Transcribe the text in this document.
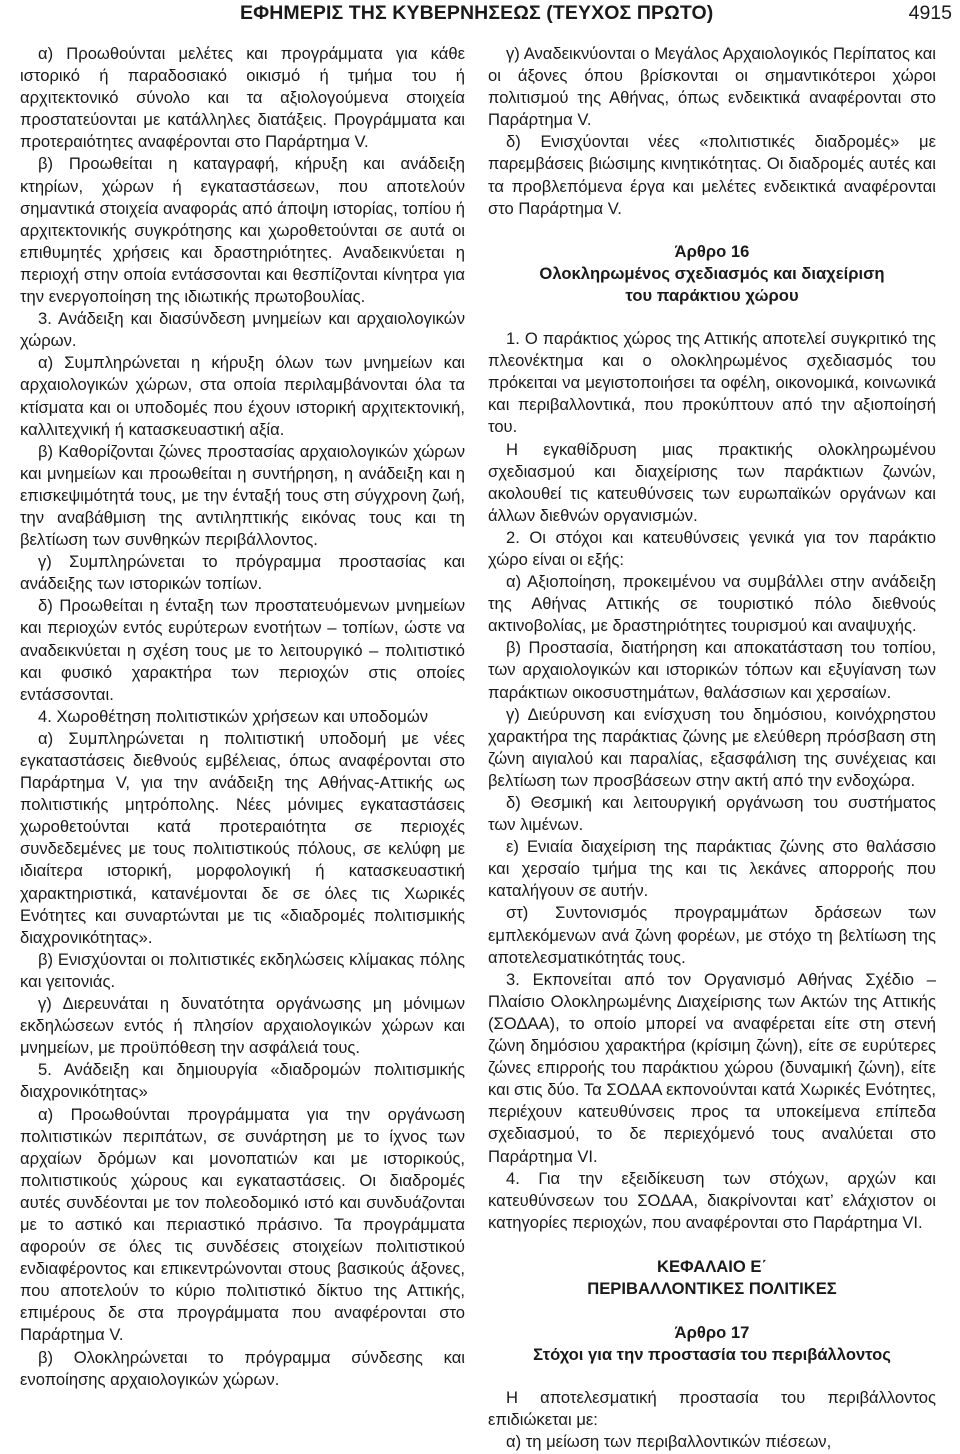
ΕΦΗΜΕΡΙΣ ΤΗΣ ΚΥΒΕΡΝΗΣΕΩΣ (ΤΕΥΧΟΣ ΠΡΩΤΟ)	4915

α) Προωθούνται μελέτες και προγράμματα για κάθε ιστορικό ή παραδοσιακό οικισμό ή τμήμα του ή αρχιτεκτονικό σύνολο και τα αξιολογούμενα στοιχεία προστατεύονται με κατάλληλες διατάξεις. Προγράμματα και προτεραιότητες αναφέρονται στο Παράρτημα V.

β) Προωθείται η καταγραφή, κήρυξη και ανάδειξη κτηρίων, χώρων ή εγκαταστάσεων, που αποτελούν σημαντικά στοιχεία αναφοράς από άποψη ιστορίας, τοπίου ή αρχιτεκτονικής συγκρότησης και χωροθετούνται σε αυτά οι επιθυμητές χρήσεις και δραστηριότητες. Αναδεικνύεται η περιοχή στην οποία εντάσσονται και θεσπίζονται κίνητρα για την ενεργοποίηση της ιδιωτικής πρωτοβουλίας.

3. Ανάδειξη και διασύνδεση μνημείων και αρχαιολογικών χώρων.

α) Συμπληρώνεται η κήρυξη όλων των μνημείων και αρχαιολογικών χώρων, στα οποία περιλαμβάνονται όλα τα κτίσματα και οι υποδομές που έχουν ιστορική αρχιτεκτονική, καλλιτεχνική ή κατασκευαστική αξία.

β) Καθορίζονται ζώνες προστασίας αρχαιολογικών χώρων και μνημείων και προωθείται η συντήρηση, η ανάδειξη και η επισκεψιμότητά τους, με την ένταξή τους στη σύγχρονη ζωή, την αναβάθμιση της αντιληπτικής εικόνας τους και τη βελτίωση των συνθηκών περιβάλλοντος.

γ) Συμπληρώνεται το πρόγραμμα προστασίας και ανάδειξης των ιστορικών τοπίων.

δ) Προωθείται η ένταξη των προστατευόμενων μνημείων και περιοχών εντός ευρύτερων ενοτήτων – τοπίων, ώστε να αναδεικνύεται η σχέση τους με το λειτουργικό – πολιτιστικό και φυσικό χαρακτήρα των περιοχών στις οποίες εντάσσονται.

4. Χωροθέτηση πολιτιστικών χρήσεων και υποδομών

α) Συμπληρώνεται η πολιτιστική υποδομή με νέες εγκαταστάσεις διεθνούς εμβέλειας, όπως αναφέρονται στο Παράρτημα V, για την ανάδειξη της Αθήνας-Αττικής ως πολιτιστικής μητρόπολης. Νέες μόνιμες εγκαταστάσεις χωροθετούνται κατά προτεραιότητα σε περιοχές συνδεδεμένες με τους πολιτιστικούς πόλους, σε κελύφη με ιδιαίτερα ιστορική, μορφολογική ή κατασκευαστική χαρακτηριστικά, κατανέμονται δε σε όλες τις Χωρικές Ενότητες και συναρτώνται με τις «διαδρομές πολιτισμικής διαχρονικότητας».

β) Ενισχύονται οι πολιτιστικές εκδηλώσεις κλίμακας πόλης και γειτονιάς.

γ) Διερευνάται η δυνατότητα οργάνωσης μη μόνιμων εκδηλώσεων εντός ή πλησίον αρχαιολογικών χώρων και μνημείων, με προϋπόθεση την ασφάλειά τους.

5. Ανάδειξη και δημιουργία «διαδρομών πολιτισμικής διαχρονικότητας»

α) Προωθούνται προγράμματα για την οργάνωση πολιτιστικών περιπάτων, σε συνάρτηση με το ίχνος των αρχαίων δρόμων και μονοπατιών και με ιστορικούς, πολιτιστικούς χώρους και εγκαταστάσεις. Οι διαδρομές αυτές συνδέονται με τον πολεοδομικό ιστό και συνδυάζονται με το αστικό και περιαστικό πράσινο. Τα προγράμματα αφορούν σε όλες τις συνδέσεις στοιχείων πολιτιστικού ενδιαφέροντος και επικεντρώνονται στους βασικούς άξονες, που αποτελούν το κύριο πολιτιστικό δίκτυο της Αττικής, επιμέρους δε στα προγράμματα που αναφέρονται στο Παράρτημα V.

β) Ολοκληρώνεται το πρόγραμμα σύνδεσης και ενοποίησης αρχαιολογικών χώρων.

γ) Αναδεικνύονται ο Μεγάλος Αρχαιολογικός Περίπατος και οι άξονες όπου βρίσκονται οι σημαντικότεροι χώροι πολιτισμού της Αθήνας, όπως ενδεικτικά αναφέρονται στο Παράρτημα V.

δ) Ενισχύονται νέες «πολιτιστικές διαδρομές» με παρεμβάσεις βιώσιμης κινητικότητας. Οι διαδρομές αυτές και τα προβλεπόμενα έργα και μελέτες ενδεικτικά αναφέρονται στο Παράρτημα V.

Άρθρο 16

Ολοκληρωμένος σχεδιασμός και διαχείριση

του παράκτιου χώρου

1. Ο παράκτιος χώρος της Αττικής αποτελεί συγκριτικό της πλεονέκτημα και ο ολοκληρωμένος σχεδιασμός του πρόκειται να μεγιστοποιήσει τα οφέλη, οικονομικά, κοινωνικά και περιβαλλοντικά, που προκύπτουν από την αξιοποίησή του.

Η εγκαθίδρυση μιας πρακτικής ολοκληρωμένου σχεδιασμού και διαχείρισης των παράκτιων ζωνών, ακολουθεί τις κατευθύνσεις των ευρωπαϊκών οργάνων και άλλων διεθνών οργανισμών.

2. Οι στόχοι και κατευθύνσεις γενικά για τον παράκτιο χώρο είναι οι εξής:

α) Αξιοποίηση, προκειμένου να συμβάλλει στην ανάδειξη της Αθήνας Αττικής σε τουριστικό πόλο διεθνούς ακτινοβολίας, με δραστηριότητες τουρισμού και αναψυχής.

β) Προστασία, διατήρηση και αποκατάσταση του τοπίου, των αρχαιολογικών και ιστορικών τόπων και εξυγίανση των παράκτιων οικοσυστημάτων, θαλάσσιων και χερσαίων.

γ) Διεύρυνση και ενίσχυση του δημόσιου, κοινόχρηστου χαρακτήρα της παράκτιας ζώνης με ελεύθερη πρόσβαση στη ζώνη αιγιαλού και παραλίας, εξασφάλιση της συνέχειας και βελτίωση των προσβάσεων στην ακτή από την ενδοχώρα.

δ) Θεσμική και λειτουργική οργάνωση του συστήματος των λιμένων.

ε) Ενιαία διαχείριση της παράκτιας ζώνης στο θαλάσσιο και χερσαίο τμήμα της και τις λεκάνες απορροής που καταλήγουν σε αυτήν.

στ) Συντονισμός προγραμμάτων δράσεων των εμπλεκόμενων ανά ζώνη φορέων, με στόχο τη βελτίωση της αποτελεσματικότητάς τους.

3. Εκπονείται από τον Οργανισμό Αθήνας Σχέδιο – Πλαίσιο Ολοκληρωμένης Διαχείρισης των Ακτών της Αττικής (ΣΟΔΑΑ), το οποίο μπορεί να αναφέρεται είτε στη στενή ζώνη δημόσιου χαρακτήρα (κρίσιμη ζώνη), είτε σε ευρύτερες ζώνες επιρροής του παράκτιου χώρου (δυναμική ζώνη), είτε και στις δύο. Τα ΣΟΔΑΑ εκπονούνται κατά Χωρικές Ενότητες, περιέχουν κατευθύνσεις προς τα υποκείμενα επίπεδα σχεδιασμού, το δε περιεχόμενό τους αναλύεται στο Παράρτημα VI.

4. Για την εξειδίκευση των στόχων, αρχών και κατευθύνσεων του ΣΟΔΑΑ, διακρίνονται κατ’ ελάχιστον οι κατηγορίες περιοχών, που αναφέρονται στο Παράρτημα VI.

ΚΕΦΑΛΑΙΟ Ε΄

ΠΕΡΙΒΑΛΛΟΝΤΙΚΕΣ ΠΟΛΙΤΙΚΕΣ

Άρθρο 17

Στόχοι για την προστασία του περιβάλλοντος

Η αποτελεσματική προστασία του περιβάλλοντος επιδιώκεται με:

α) τη μείωση των περιβαλλοντικών πιέσεων,
